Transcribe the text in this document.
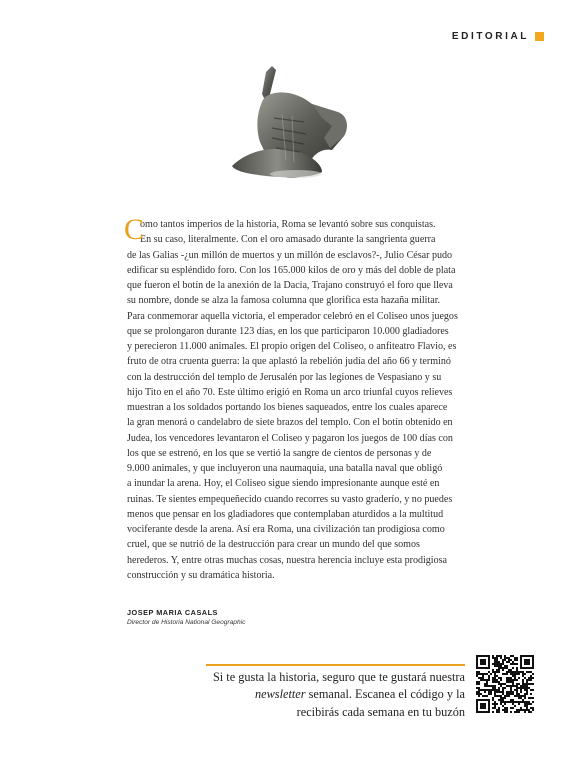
EDITORIAL
C
omo tantos imperios de la historia, Roma se levantó sobre sus conquistas.
En su caso, literalmente. Con el oro amasado durante la sangrienta guerra
de las Galias -¿un millón de muertos y un millón de esclavos?-, Julio César pudo
edificar su espléndido foro. Con los 165.000 kilos de oro y más del doble de plata
que fueron el botín de la anexión de la Dacia, Trajano construyó el foro que lleva
su nombre, donde se alza la famosa columna que glorifica esta hazaña militar.
Para conmemorar aquella victoria, el emperador celebró en el Coliseo unos juegos
que se prolongaron durante 123 días, en los que participaron 10.000 gladiadores
y perecieron 11.000 animales. El propio origen del Coliseo, o anfiteatro Flavio, es
fruto de otra cruenta guerra: la que aplastó la rebelión judía del año 66 y terminó
con la destrucción del templo de Jerusalén por las legiones de Vespasiano y su
hijo Tito en el año 70. Este último erigió en Roma un arco triunfal cuyos relieves
muestran a los soldados portando los bienes saqueados, entre los cuales aparece
la gran menorá o candelabro de siete brazos del templo. Con el botín obtenido en
Judea, los vencedores levantaron el Coliseo y pagaron los juegos de 100 días con
los que se estrenó, en los que se vertió la sangre de cientos de personas y de
9.000 animales, y que incluyeron una naumaquia, una batalla naval que obligó
a inundar la arena. Hoy, el Coliseo sigue siendo impresionante aunque esté en
ruinas. Te sientes empequeñecido cuando recorres su vasto graderío, y no puedes
menos que pensar en los gladiadores que contemplaban aturdidos a la multitud
vociferante desde la arena. Así era Roma, una civilización tan prodigiosa como
cruel, que se nutrió de la destrucción para crear un mundo del que somos
herederos. Y, entre otras muchas cosas, nuestra herencia incluye esta prodigiosa
construcción y su dramática historia.
JOSEP MARIA CASALS
Director de Historia National Geographic
Si te gusta la historia, seguro que te gustará nuestra
newsletter semanal. Escanea el código y la
recibirás cada semana en tu buzón
